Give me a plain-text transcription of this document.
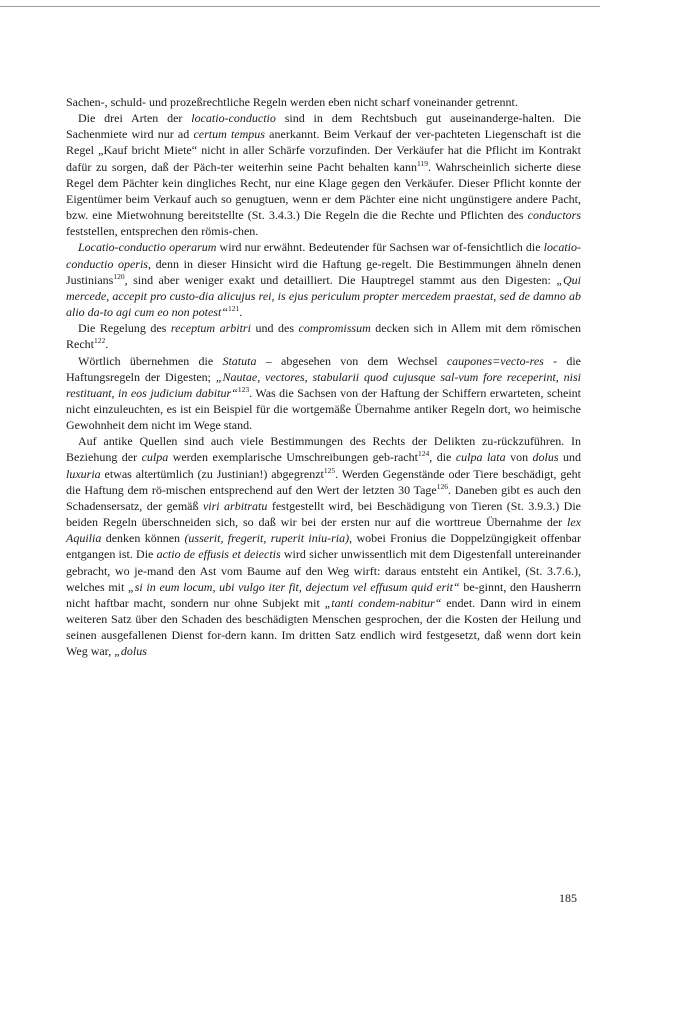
Sachen-, schuld- und prozeßrechtliche Regeln werden eben nicht scharf voneinander getrennt.

Die drei Arten der locatio-conductio sind in dem Rechtsbuch gut auseinanderge-halten. Die Sachenmiete wird nur ad certum tempus anerkannt. Beim Verkauf der ver-pachteten Liegenschaft ist die Regel „Kauf bricht Miete“ nicht in aller Schärfe vorzufinden. Der Verkäufer hat die Pflicht im Kontrakt dafür zu sorgen, daß der Päch-ter weiterhin seine Pacht behalten kann$^{119}$. Wahrscheinlich sicherte diese Regel dem Pächter kein dingliches Recht, nur eine Klage gegen den Verkäufer. Dieser Pflicht konnte der Eigentümer beim Verkauf auch so genugtuen, wenn er dem Pächter eine nicht ungünstigere andere Pacht, bzw. eine Mietwohnung bereitstellte (St. 3.4.3.) Die Regeln die die Rechte und Pflichten des conductors feststellen, entsprechen den römis-chen.

Locatio-conductio operarum wird nur erwähnt. Bedeutender für Sachsen war of-fensichtlich die locatio-conductio operis, denn in dieser Hinsicht wird die Haftung ge-regelt. Die Bestimmungen ähneln denen Justinians$^{120}$, sind aber weniger exakt und detailliert. Die Hauptregel stammt aus den Digesten: „Qui mercede, accepit pro custo-dia alicujus rei, is ejus periculum propter mercedem praestat, sed de damno ab alio da-to agi cum eo non potest“$^{121}$.

Die Regelung des receptum arbitri und des compromissum decken sich in Allem mit dem römischen Recht$^{122}$.

Wörtlich übernehmen die Statuta – abgesehen von dem Wechsel caupones=vecto-res - die Haftungsregeln der Digesten; „Nautae, vectores, stabularii quod cujusque sal-vum fore receperint, nisi restituant, in eos judicium dabitur“$^{123}$. Was die Sachsen von der Haftung der Schiffern erwarteten, scheint nicht einzuleuchten, es ist ein Beispiel für die wortgemäße Übernahme antiker Regeln dort, wo heimische Gewohnheit dem nicht im Wege stand.

Auf antike Quellen sind auch viele Bestimmungen des Rechts der Delikten zu-rückzuführen. In Beziehung der culpa werden exemplarische Umschreibungen geb-racht$^{124}$, die culpa lata von dolus und luxuria etwas altertümlich (zu Justinian!) abgegrenzt$^{125}$. Werden Gegenstände oder Tiere beschädigt, geht die Haftung dem rö-mischen entsprechend auf den Wert der letzten 30 Tage$^{126}$. Daneben gibt es auch den Schadensersatz, der gemäß viri arbitratu festgestellt wird, bei Beschädigung von Tieren (St. 3.9.3.) Die beiden Regeln überschneiden sich, so daß wir bei der ersten nur auf die worttreue Übernahme der lex Aquilia denken können (usserit, fregerit, ruperit iniu-ria), wobei Fronius die Doppelzüngigkeit offenbar entgangen ist. Die actio de effusis et deiectis wird sicher unwissentlich mit dem Digestenfall untereinander gebracht, wo je-mand den Ast vom Baume auf den Weg wirft: daraus entsteht ein Antikel, (St. 3.7.6.), welches mit „si in eum locum, ubi vulgo iter fit, dejectum vel effusum quid erit“ be-ginnt, den Hausherrn nicht haftbar macht, sondern nur ohne Subjekt mit „tanti condem-nabitur“ endet. Dann wird in einem weiteren Satz über den Schaden des beschädigten Menschen gesprochen, der die Kosten der Heilung und seinen ausgefallenen Dienst for-dern kann. Im dritten Satz endlich wird festgesetzt, daß wenn dort kein Weg war, „dolus

185
